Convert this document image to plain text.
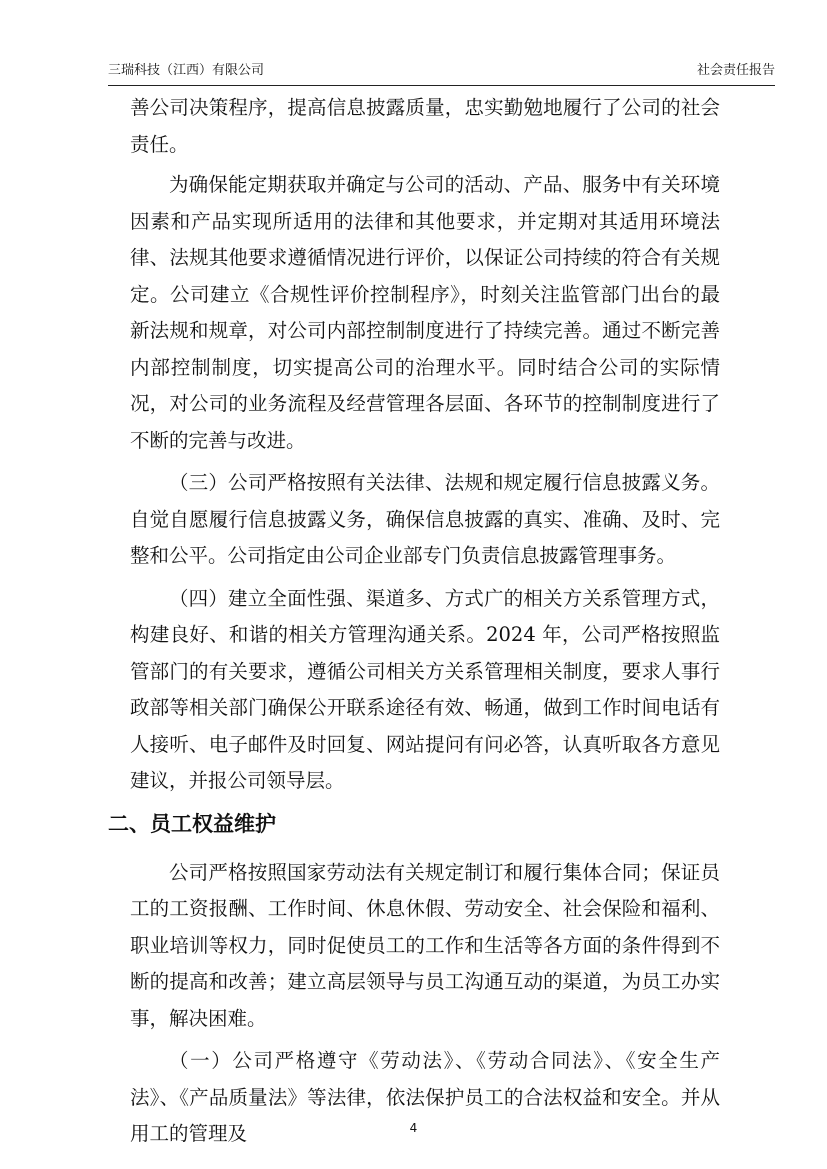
三瑞科技（江西）有限公司	社会责任报告

善公司决策程序，提高信息披露质量，忠实勤勉地履行了公司的社会责任。

为确保能定期获取并确定与公司的活动、产品、服务中有关环境因素和产品实现所适用的法律和其他要求，并定期对其适用环境法律、法规其他要求遵循情况进行评价，以保证公司持续的符合有关规定。公司建立《合规性评价控制程序》，时刻关注监管部门出台的最新法规和规章，对公司内部控制制度进行了持续完善。通过不断完善内部控制制度，切实提高公司的治理水平。同时结合公司的实际情况，对公司的业务流程及经营管理各层面、各环节的控制制度进行了不断的完善与改进。

（三）公司严格按照有关法律、法规和规定履行信息披露义务。自觉自愿履行信息披露义务，确保信息披露的真实、准确、及时、完整和公平。公司指定由公司企业部专门负责信息披露管理事务。

（四）建立全面性强、渠道多、方式广的相关方关系管理方式，构建良好、和谐的相关方管理沟通关系。2024 年，公司严格按照监管部门的有关要求，遵循公司相关方关系管理相关制度，要求人事行政部等相关部门确保公开联系途径有效、畅通，做到工作时间电话有人接听、电子邮件及时回复、网站提问有问必答，认真听取各方意见建议，并报公司领导层。

二、员工权益维护

公司严格按照国家劳动法有关规定制订和履行集体合同；保证员工的工资报酬、工作时间、休息休假、劳动安全、社会保险和福利、职业培训等权力，同时促使员工的工作和生活等各方面的条件得到不断的提高和改善；建立高层领导与员工沟通互动的渠道，为员工办实事，解决困难。

（一）公司严格遵守《劳动法》、《劳动合同法》、《安全生产法》、《产品质量法》等法律，依法保护员工的合法权益和安全。并从用工的管理及	4
